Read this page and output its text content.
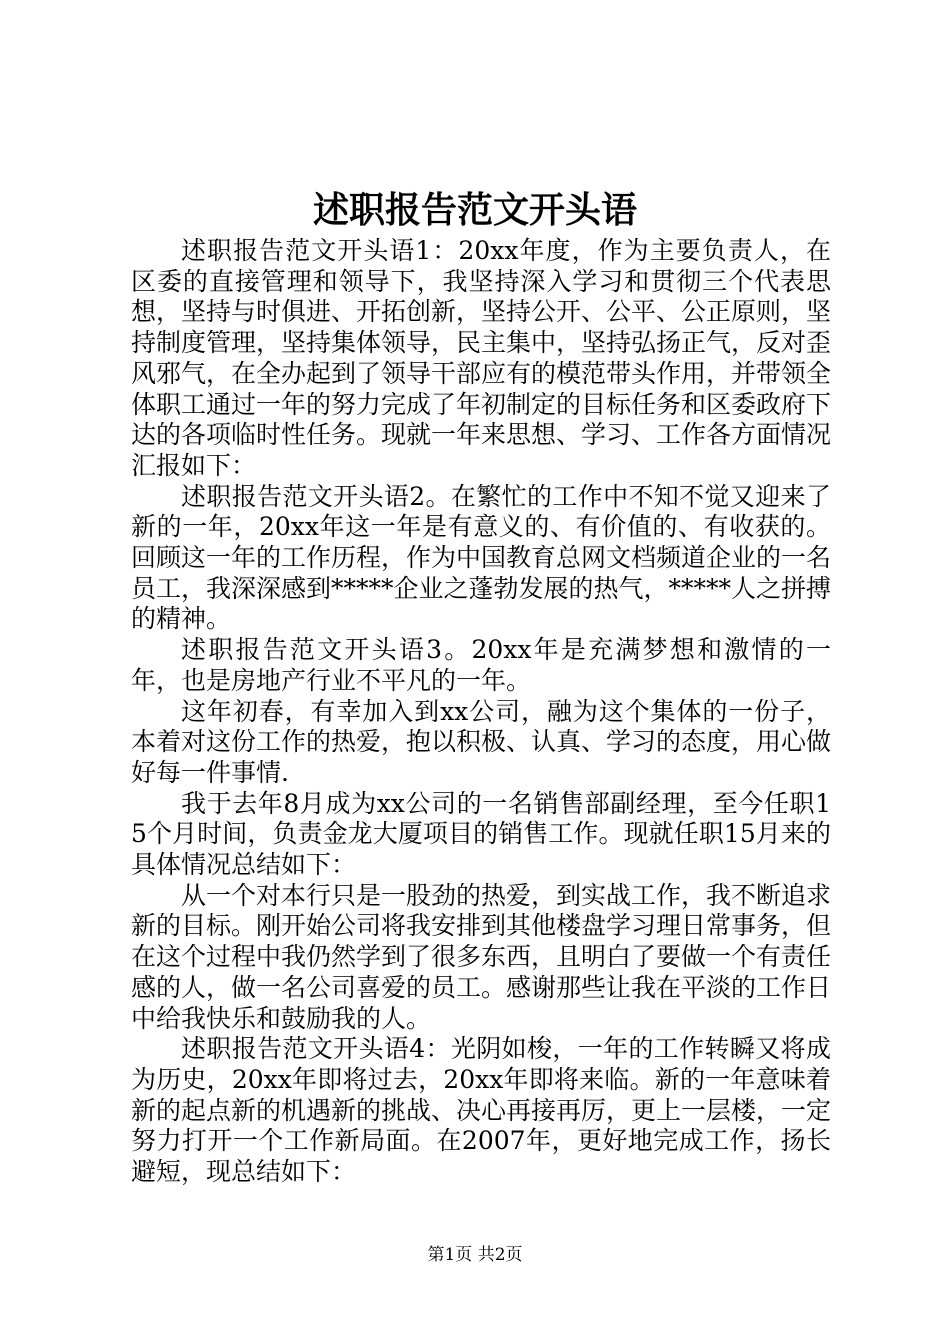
述职报告范文开头语

述职报告范文开头语1：20xx年度，作为主要负责人，在区委的直接管理和领导下，我坚持深入学习和贯彻三个代表思想，坚持与时俱进、开拓创新，坚持公开、公平、公正原则，坚持制度管理，坚持集体领导，民主集中，坚持弘扬正气，反对歪风邪气，在全办起到了领导干部应有的模范带头作用，并带领全体职工通过一年的努力完成了年初制定的目标任务和区委政府下达的各项临时性任务。现就一年来思想、学习、工作各方面情况汇报如下：

述职报告范文开头语2。在繁忙的工作中不知不觉又迎来了新的一年，20xx年这一年是有意义的、有价值的、有收获的。回顾这一年的工作历程，作为中国教育总网文档频道企业的一名员工，我深深感到*****企业之蓬勃发展的热气，*****人之拼搏的精神。

述职报告范文开头语3。20xx年是充满梦想和激情的一年，也是房地产行业不平凡的一年。

这年初春，有幸加入到xx公司，融为这个集体的一份子，本着对这份工作的热爱，抱以积极、认真、学习的态度，用心做好每一件事情.

我于去年8月成为xx公司的一名销售部副经理，至今任职15个月时间，负责金龙大厦项目的销售工作。现就任职15月来的具体情况总结如下：

从一个对本行只是一股劲的热爱，到实战工作，我不断追求新的目标。刚开始公司将我安排到其他楼盘学习理日常事务，但在这个过程中我仍然学到了很多东西，且明白了要做一个有责任感的人，做一名公司喜爱的员工。感谢那些让我在平淡的工作日中给我快乐和鼓励我的人。

述职报告范文开头语4：光阴如梭，一年的工作转瞬又将成为历史，20xx年即将过去，20xx年即将来临。新的一年意味着新的起点新的机遇新的挑战、决心再接再厉，更上一层楼，一定努力打开一个工作新局面。在2007年，更好地完成工作，扬长避短，现总结如下：

第1页 共2页
